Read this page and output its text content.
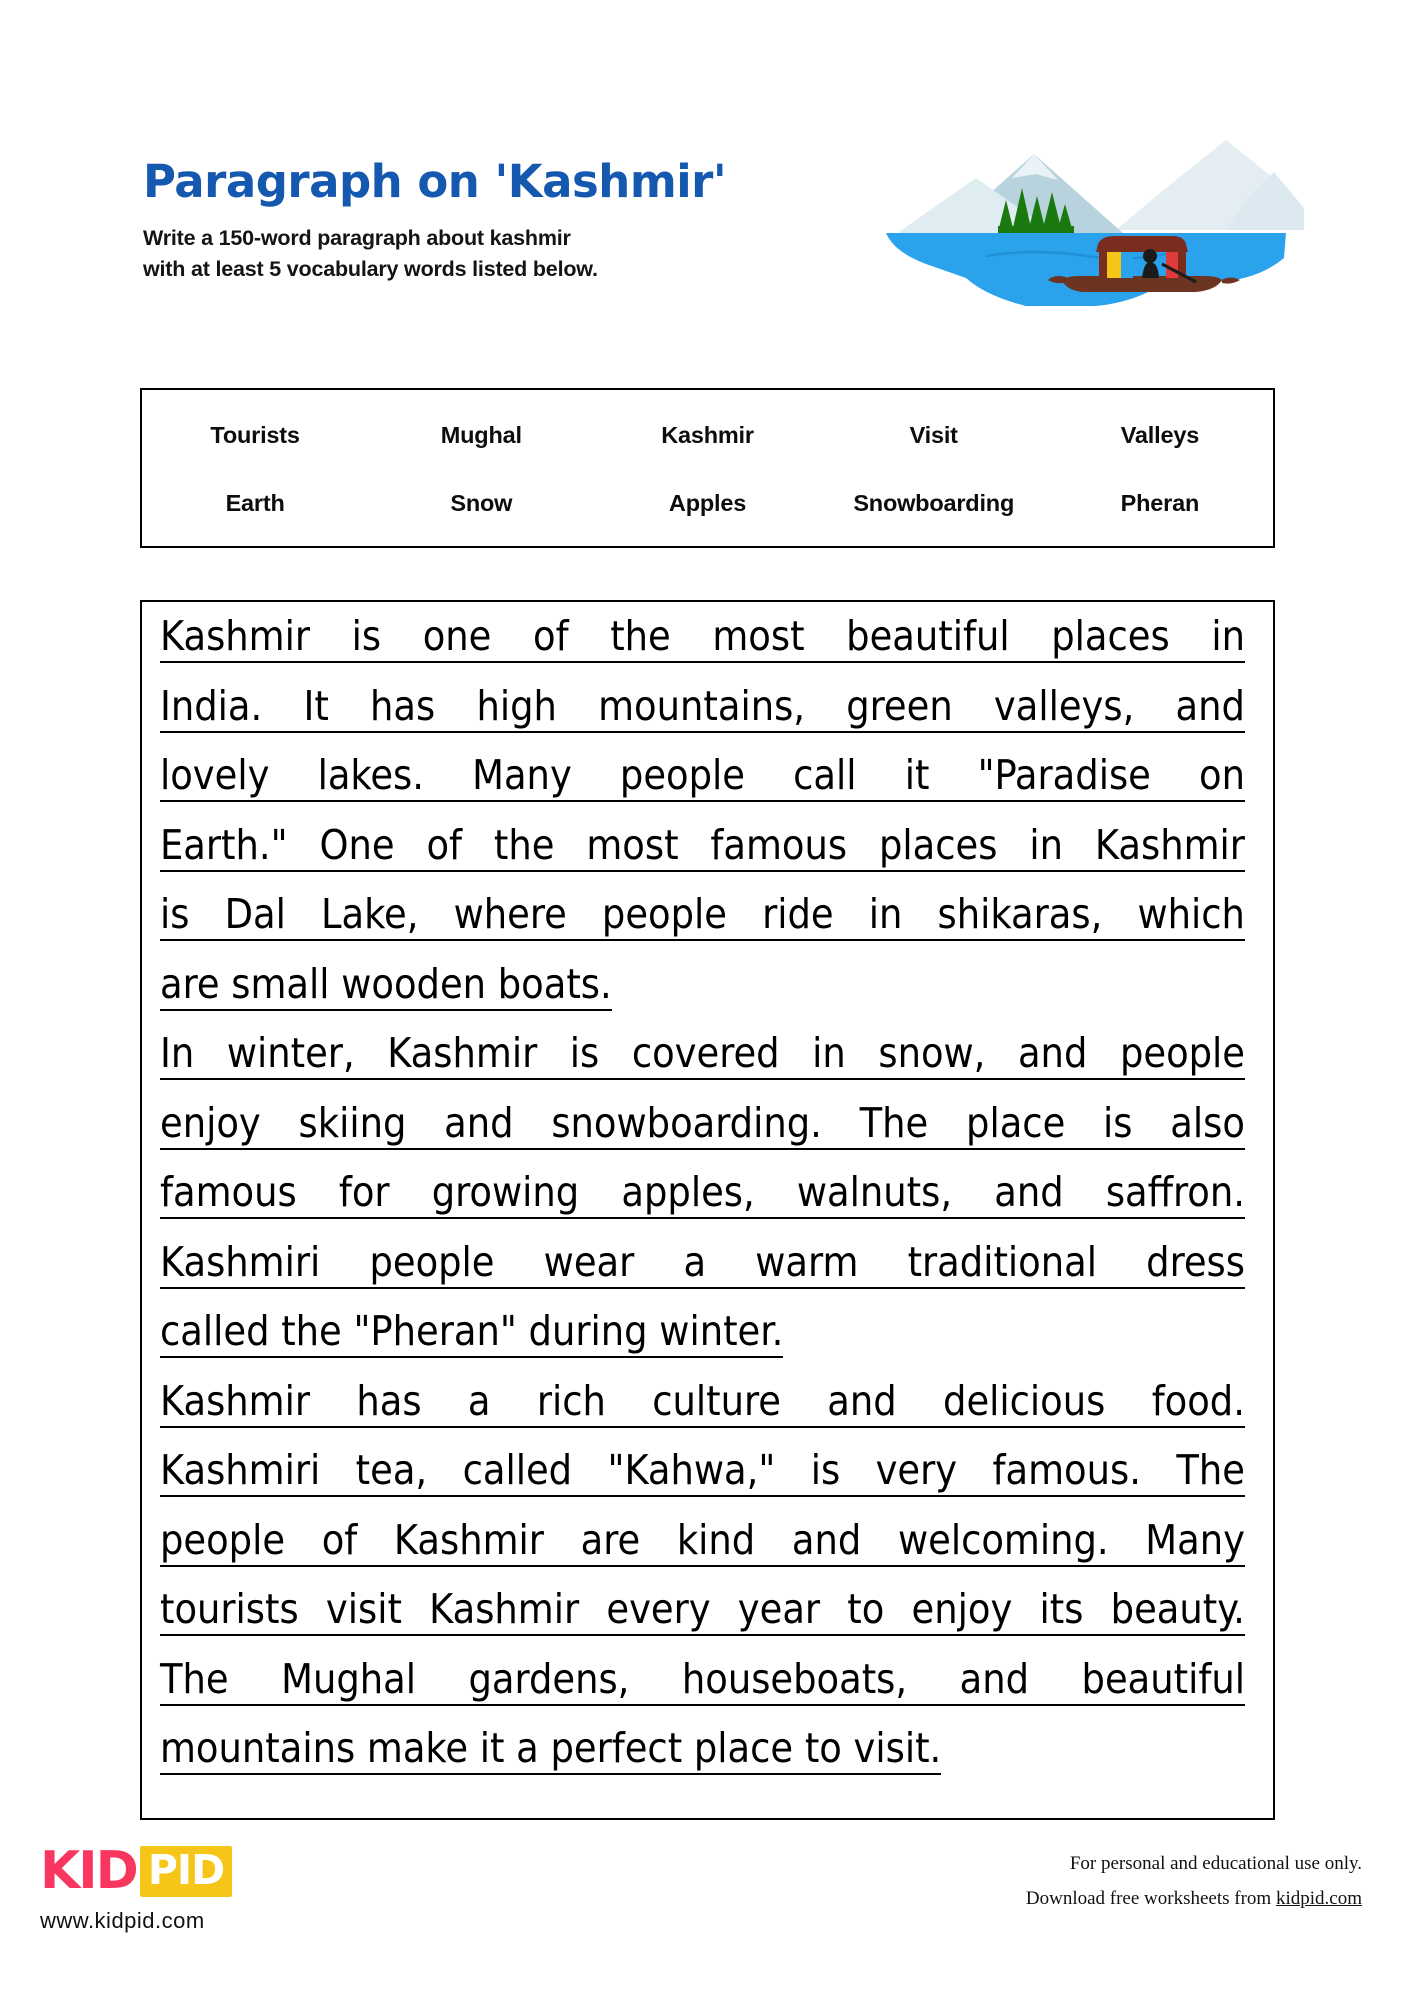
Paragraph on 'Kashmir'
Write a 150-word paragraph about kashmir
with at least 5 vocabulary words listed below.
Tourists	Mughal	Kashmir	Visit	Valleys
Earth	Snow	Apples	Snowboarding	Pheran
Kashmir is one of the most beautiful places in
India. It has high mountains, green valleys, and
lovely lakes. Many people call it "Paradise on
Earth." One of the most famous places in Kashmir
is Dal Lake, where people ride in shikaras, which
are small wooden boats.
In winter, Kashmir is covered in snow, and people
enjoy skiing and snowboarding. The place is also
famous for growing apples, walnuts, and saffron.
Kashmiri people wear a warm traditional dress
called the "Pheran" during winter.
Kashmir has a rich culture and delicious food.
Kashmiri tea, called "Kahwa," is very famous. The
people of Kashmir are kind and welcoming. Many
tourists visit Kashmir every year to enjoy its beauty.
The Mughal gardens, houseboats, and beautiful
mountains make it a perfect place to visit.
KID PID
www.kidpid.com
For personal and educational use only.
Download free worksheets from kidpid.com
